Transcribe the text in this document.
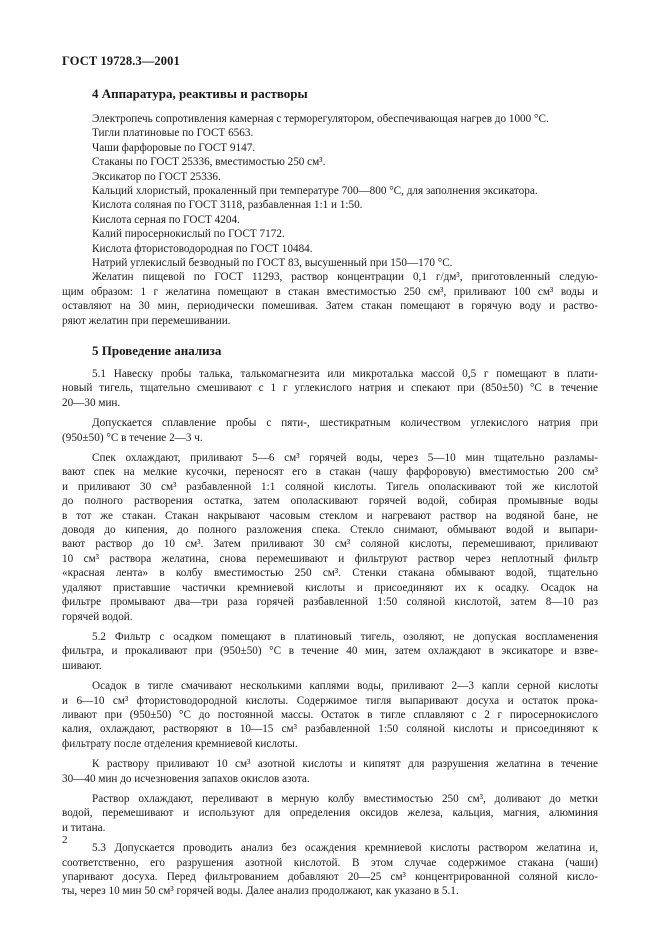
ГОСТ 19728.3—2001
4 Аппаратура, реактивы и растворы
Электропечь сопротивления камерная с терморегулятором, обеспечивающая нагрев до 1000 °С.
Тигли платиновые по ГОСТ 6563.
Чаши фарфоровые по ГОСТ 9147.
Стаканы по ГОСТ 25336, вместимостью 250 см³.
Эксикатор по ГОСТ 25336.
Кальций хлористый, прокаленный при температуре 700—800 °С, для заполнения эксикатора.
Кислота соляная по ГОСТ 3118, разбавленная 1:1 и 1:50.
Кислота серная по ГОСТ 4204.
Калий пиросернокислый по ГОСТ 7172.
Кислота фтористоводородная по ГОСТ 10484.
Натрий углекислый безводный по ГОСТ 83, высушенный при 150—170 °С.
Желатин пищевой по ГОСТ 11293, раствор концентрации 0,1 г/дм³, приготовленный следую-
щим образом: 1 г желатина помещают в стакан вместимостью 250 см³, приливают 100 см³ воды и
оставляют на 30 мин, периодически помешивая. Затем стакан помещают в горячую воду и раство-
ряют желатин при перемешивании.
5 Проведение анализа
5.1 Навеску пробы талька, талькомагнезита или микроталька массой 0,5 г помещают в плати-
новый тигель, тщательно смешивают с 1 г углекислого натрия и спекают при (850±50) °С в течение
20—30 мин.
Допускается сплавление пробы с пяти-, шестикратным количеством углекислого натрия при
(950±50) °С в течение 2—3 ч.
Спек охлаждают, приливают 5—6 см³ горячей воды, через 5—10 мин тщательно разламы-
вают спек на мелкие кусочки, переносят его в стакан (чашу фарфоровую) вместимостью 200 см³
и приливают 30 см³ разбавленной 1:1 соляной кислоты. Тигель ополаскивают той же кислотой
до полного растворения остатка, затем ополаскивают горячей водой, собирая промывные воды
в тот же стакан. Стакан накрывают часовым стеклом и нагревают раствор на водяной бане, не
доводя до кипения, до полного разложения спека. Стекло снимают, обмывают водой и выпари-
вают раствор до 10 см³. Затем приливают 30 см³ соляной кислоты, перемешивают, приливают
10 см³ раствора желатина, снова перемешивают и фильтруют раствор через неплотный фильтр
«красная лента» в колбу вместимостью 250 см³. Стенки стакана обмывают водой, тщательно
удаляют приставшие частички кремниевой кислоты и присоединяют их к осадку. Осадок на
фильтре промывают два—три раза горячей разбавленной 1:50 соляной кислотой, затем 8—10 раз
горячей водой.
5.2 Фильтр с осадком помещают в платиновый тигель, озоляют, не допуская воспламенения
фильтра, и прокаливают при (950±50) °С в течение 40 мин, затем охлаждают в эксикаторе и взве-
шивают.
Осадок в тигле смачивают несколькими каплями воды, приливают 2—3 капли серной кислоты
и 6—10 см³ фтористоводородной кислоты. Содержимое тигля выпаривают досуха и остаток прока-
ливают при (950±50) °С до постоянной массы. Остаток в тигле сплавляют с 2 г пиросернокислого
калия, охлаждают, растворяют в 10—15 см³ разбавленной 1:50 соляной кислоты и присоединяют к
фильтрату после отделения кремниевой кислоты.
К раствору приливают 10 см³ азотной кислоты и кипятят для разрушения желатина в течение
30—40 мин до исчезновения запахов окислов азота.
Раствор охлаждают, переливают в мерную колбу вместимостью 250 см³, доливают до метки
водой, перемешивают и используют для определения оксидов железа, кальция, магния, алюминия
и титана.
5.3 Допускается проводить анализ без осаждения кремниевой кислоты раствором желатина и,
соответственно, его разрушения азотной кислотой. В этом случае содержимое стакана (чаши)
упаривают досуха. Перед фильтрованием добавляют 20—25 см³ концентрированной соляной кисло-
ты, через 10 мин 50 см³ горячей воды. Далее анализ продолжают, как указано в 5.1.
2
